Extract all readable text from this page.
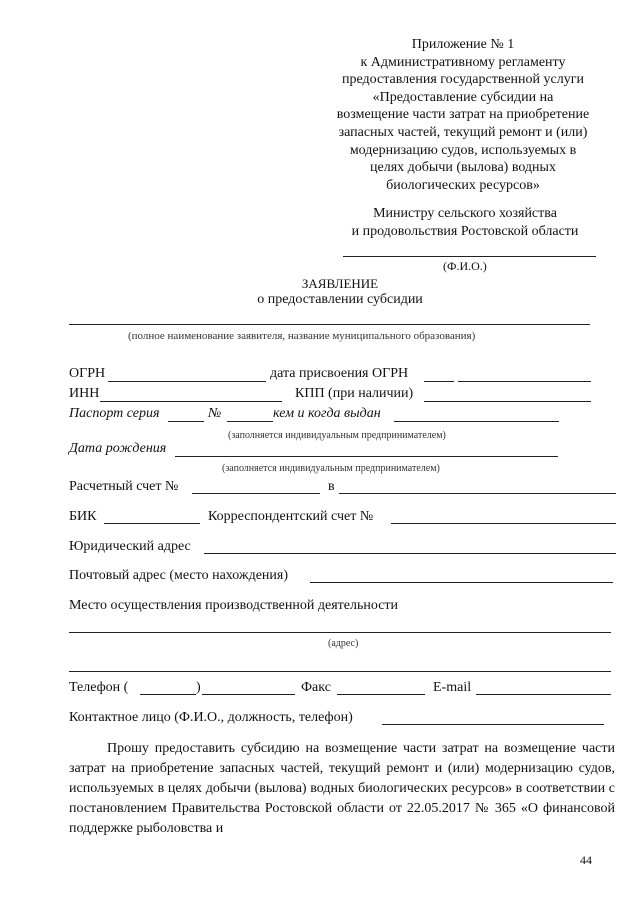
Приложение № 1
к Административному регламенту
предоставления государственной услуги
«Предоставление субсидии на
возмещение части затрат на приобретение
запасных частей, текущий ремонт и (или)
модернизацию судов, используемых в
целях добычи (вылова) водных
биологических ресурсов»
Министру сельского хозяйства
и продовольствия Ростовской области
(Ф.И.О.)
ЗАЯВЛЕНИЕ
о предоставлении субсидии
(полное наименование заявителя, название муниципального образования)
ОГРН	дата присвоения ОГРН
ИНН	КПП (при наличии)
Паспорт серия	№	кем и когда выдан
(заполняется индивидуальным предпринимателем)
Дата рождения
(заполняется индивидуальным предпринимателем)
Расчетный счет №	в
БИК	Корреспондентский счет №
Юридический адрес
Почтовый адрес (место нахождения)
Место осуществления производственной деятельности
(адрес)
Телефон (	)	Факс	E-mail
Контактное лицо (Ф.И.О., должность, телефон)
Прошу предоставить субсидию на возмещение части затрат на возмещение части затрат на приобретение запасных частей, текущий ремонт и (или) модернизацию судов, используемых в целях добычи (вылова) водных биологических ресурсов» в соответствии с постановлением Правительства Ростовской области от 22.05.2017 № 365 «О финансовой поддержке рыболовства и
44
